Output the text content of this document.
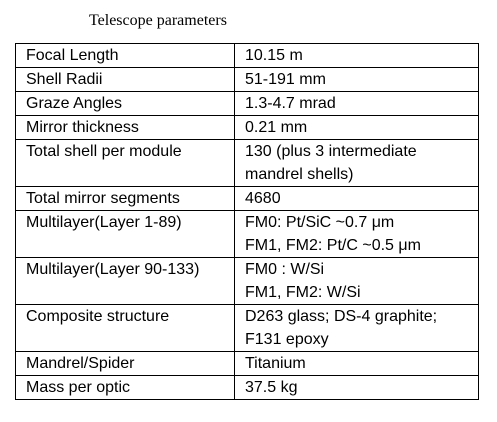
Telescope parameters
Focal Length	10.15 m

Shell Radii	51-191 mm

Graze Angles	1.3-4.7 mrad

Mirror thickness	0.21 mm

Total shell per module	130 (plus 3 intermediate
mandrel shells)

Total mirror segments	4680

Multilayer(Layer 1-89)	FM0: Pt/SiC ~0.7 μm
FM1, FM2: Pt/C ~0.5 μm

Multilayer(Layer 90-133)	FM0 : W/Si
FM1, FM2: W/Si

Composite structure	D263 glass; DS-4 graphite;
F131 epoxy

Mandrel/Spider	Titanium

Mass per optic	37.5 kg
